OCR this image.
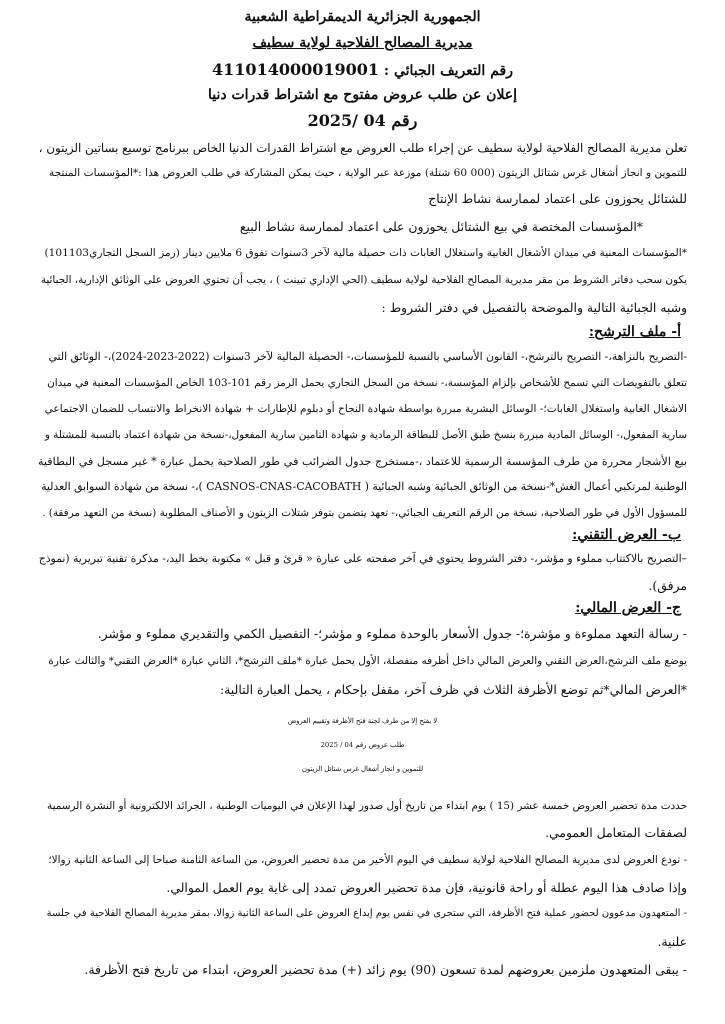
الجمهورية الجزائرية الديمقراطية الشعبية
مديرية المصالح الفلاحية لولاية سطيف
رقم التعريف الجبائي : 411014000019001
إعلان عن طلب عروض مفتوح مع اشتراط قدرات دنيا
رقم 04 /2025
تعلن مديرية المصالح الفلاحية لولاية سطيف عن إجراء طلب العروض مع اشتراط القدرات الدنيا الخاص ببرنامج توسيع بساتين الزيتون ،
للتموين و انجاز أشغال غرس شتائل الزيتون (000 60 شتلة) موزعة عبر الولاية ، حيث يمكن المشاركة في طلب العروض هذا :*المؤسسات المنتجة
للشتائل يحوزون على اعتماد لممارسة نشاط الإنتاج
*المؤسسات المختصة في بيع الشتائل يحوزون على اعتماد لممارسة نشاط البيع
*المؤسسات المعنية في ميدان الأشغال الغابية واستغلال الغابات ذات حصيلة مالية لآخر 3سنوات تفوق 6 ملايين دينار (رمز السجل التجاري101103)
يكون سحب دفاتر الشروط من مقر مديرية المصالح الفلاحية لولاية سطيف (الحي الإداري تبينت ) ، يجب أن تحتوي العروض على الوثائق الإدارية، الجبائية
وشبه الجبائية التالية والموضحة بالتفصيل في دفتر الشروط :
أ- ملف الترشح:
-التصريح بالنزاهة،- التصريح بالترشح،- القانون الأساسي بالنسبة للمؤسسات،- الحصيلة المالية لآخر 3سنوات (2022-2023-2024)،- الوثائق التي
تتعلق بالتفويضات التي تسمح للأشخاص بإلزام المؤسسة،- نسخة من السجل التجاري يحمل الرمز رقم 101-103 الخاص المؤسسات المعنية في ميدان
الاشغال الغابية واستغلال الغابات؛- الوسائل البشرية مبررة بواسطة شهادة النجاح أو دبلوم للإطارات + شهادة الانخراط والانتساب للضمان الاجتماعي
سارية المفعول،- الوسائل المادية مبررة بنسخ طبق الأصل للبطاقة الرمادية و شهادة التامين سارية المفعول،-نسخة من شهادة اعتماد بالنسبة للمشتلة و
بيع الأشجار محررة من طرف المؤسسة الرسمية للاعتماد ،-مستخرج جدول الضرائب في طور الصلاحية يحمل عبارة * غير مسجل في البطاقية
الوطنية لمرتكبي أعمال الغش*-نسخة من الوثائق الجبائية وشبه الجبائية ( CASNOS-CNAS-CACOBATH )،- نسخة من شهادة السوابق العدلية
للمسؤول الأول في طور الصلاحية، نسخة من الرقم التعريف الجبائي،- تعهد يتضمن بتوفر شتلات الزيتون و الأصناف المطلوبة (نسخة من التعهد مرفقة) .
ب- العرض التقني:
–التصريح بالاكتتاب مملوء و مؤشر،- دفتر الشروط يحتوي في آخر صفحته على عبارة « قرئ و قبل » مكتوبة بخط اليد،- مذكرة تقنية تبريرية (نموذج
مرفق).
ج- العرض المالي:
- رسالة التعهد مملوءة و مؤشرة؛- جدول الأسعار بالوحدة مملوء و مؤشر؛- التفصيل الكمي والتقديري مملوء و مؤشر.
يوضع ملف الترشح،العرض التقني والعرض المالي داخل أظرفه منفصلة، الأول يحمل عبارة *ملف الترشح*، الثاني عبارة *العرض التقني* والثالث عبارة
*العرض المالي*ثم توضع الأظرفة الثلاث في ظرف آخر، مقفل بإحكام ، يحمل العبارة التالية:
لا يفتح إلا من طرف لجنة فتح الأظرفة وتقييم العروض
طلب عروض رقم 04 / 2025
للتموين و انجاز أشغال غرس شتائل الزيتون
حددت مدة تحضير العروض خمسة عشر (15 ) يوم ابتداء من تاريخ أول صدور لهذا الإعلان في اليوميات الوطنية ، الجرائد الالكترونية أو النشرة الرسمية
لصفقات المتعامل العمومي.
- تودع العروض لدى مديرية المصالح الفلاحية لولاية سطيف في اليوم الأخير من مدة تحضير العروض، من الساعة الثامنة صباحا إلى الساعة الثانية زوالا؛
وإذا صادف هذا اليوم عطلة أو راحة قانونية، فإن مدة تحضير العروض تمدد إلى غاية يوم العمل الموالي.
- المتعهدون مدعوون لحضور عملية فتح الأظرفة، التي ستجرى في نفس يوم إيداع العروض على الساعة الثانية زوالا، بمقر مديرية المصالح الفلاحية في جلسة
علنية.
- يبقى المتعهدون ملزمين بعروضهم لمدة تسعون (90) يوم زائد (+) مدة تحضير العروض، ابتداء من تاريخ فتح الأظرفة.
